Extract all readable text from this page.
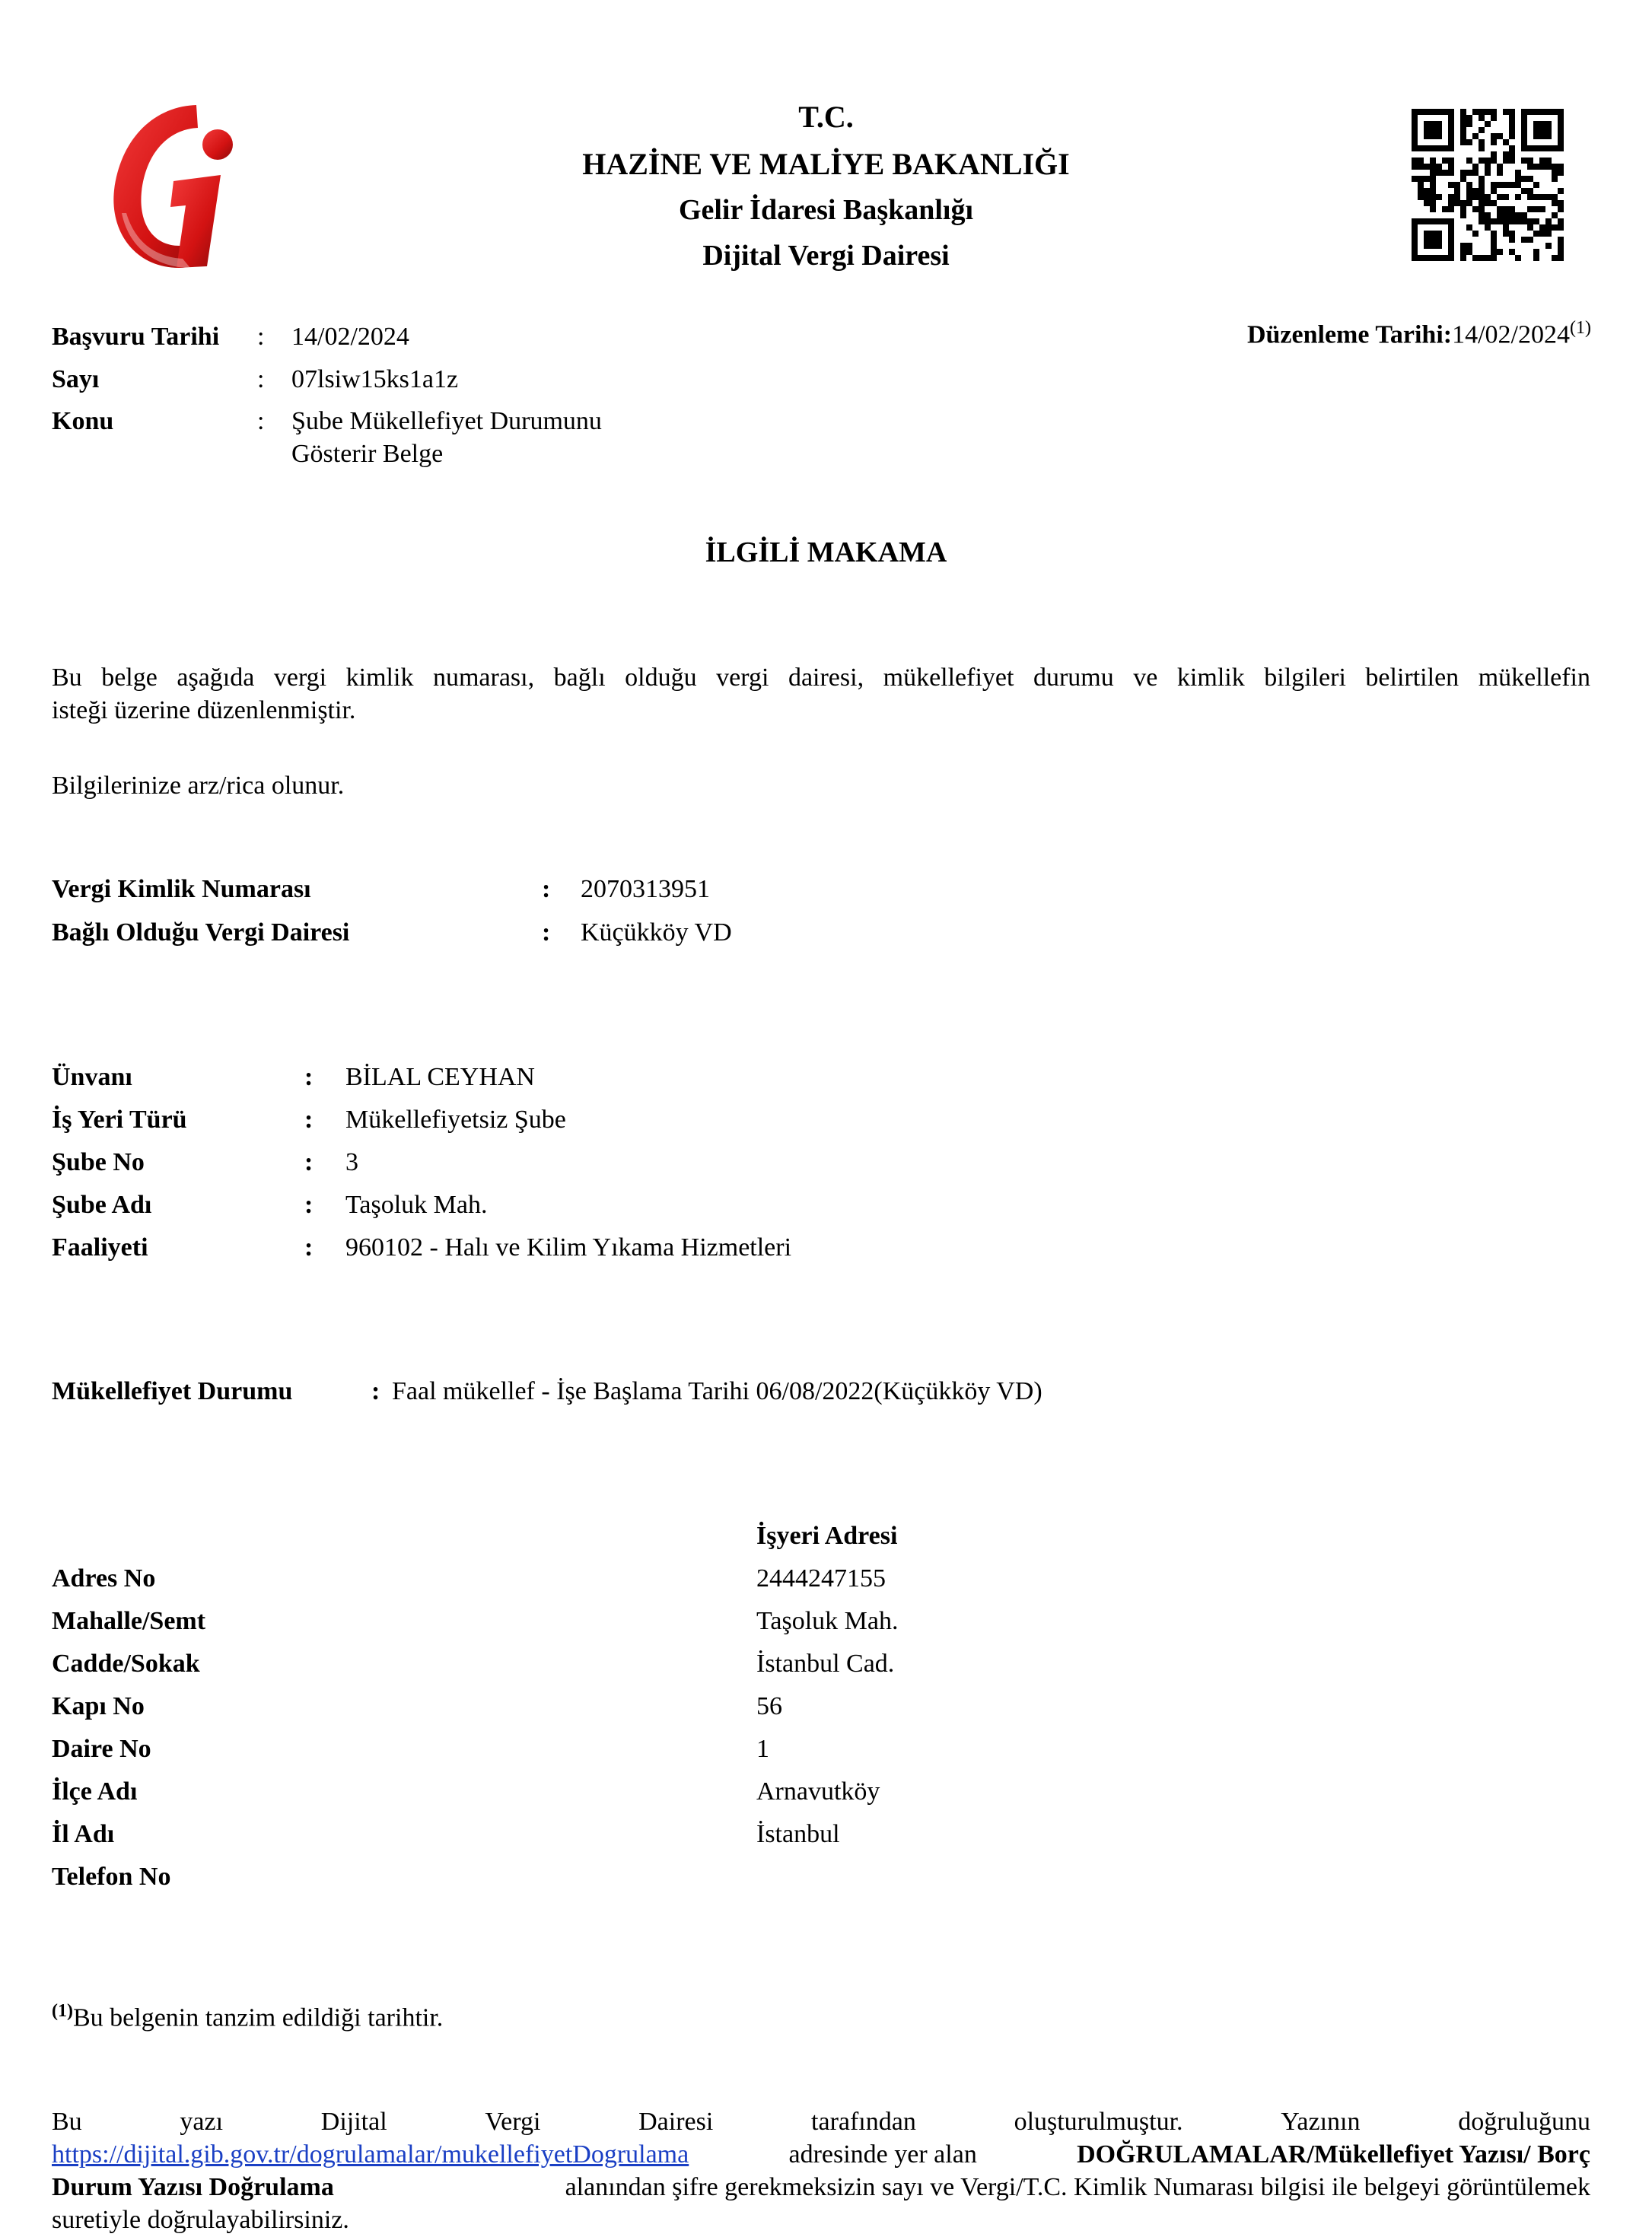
T.C.
HAZİNE VE MALİYE BAKANLIĞI
Gelir İdaresi Başkanlığı
Dijital Vergi Dairesi
Başvuru Tarihi : 14/02/2024	Düzenleme Tarihi:14/02/2024$^{(1)}$
Sayı	: 07lsiw15ks1a1z
Konu	: Şube Mükellefiyet Durumunu
Gösterir Belge
İLGİLİ MAKAMA
Bu belge aşağıda vergi kimlik numarası, bağlı olduğu vergi dairesi, mükellefiyet durumu ve kimlik bilgileri belirtilen mükellefin
isteği üzerine düzenlenmiştir.
Bilgilerinize arz/rica olunur.
Vergi Kimlik Numarası	: 2070313951
Bağlı Olduğu Vergi Dairesi	: Küçükköy VD
Ünvanı	: BİLAL CEYHAN
İş Yeri Türü	: Mükellefiyetsiz Şube
Şube No	: 3
Şube Adı	: Taşoluk Mah.
Faaliyeti	: 960102 - Halı ve Kilim Yıkama Hizmetleri
Mükellefiyet Durumu	: Faal mükellef - İşe Başlama Tarihi 06/08/2022(Küçükköy VD)
İşyeri Adresi
Adres No	2444247155
Mahalle/Semt	Taşoluk Mah.
Cadde/Sokak	İstanbul Cad.
Kapı No	56
Daire No	1
İlçe Adı	Arnavutköy
İl Adı	İstanbul
Telefon No
$^{(1)}$Bu belgenin tanzim edildiği tarihtir.
Bu	yazı	Dijital	Vergi	Dairesi	tarafından	oluşturulmuştur.	Yazının	doğruluğunu
https://dijital.gib.gov.tr/dogrulamalar/mukellefiyetDogrulama	adresinde yer alan	DOĞRULAMALAR/Mükellefiyet Yazısı/ Borç
Durum Yazısı Doğrulama	alanından şifre gerekmeksizin sayı ve Vergi/T.C. Kimlik Numarası bilgisi ile belgeyi görüntülemek
suretiyle doğrulayabilirsiniz.
